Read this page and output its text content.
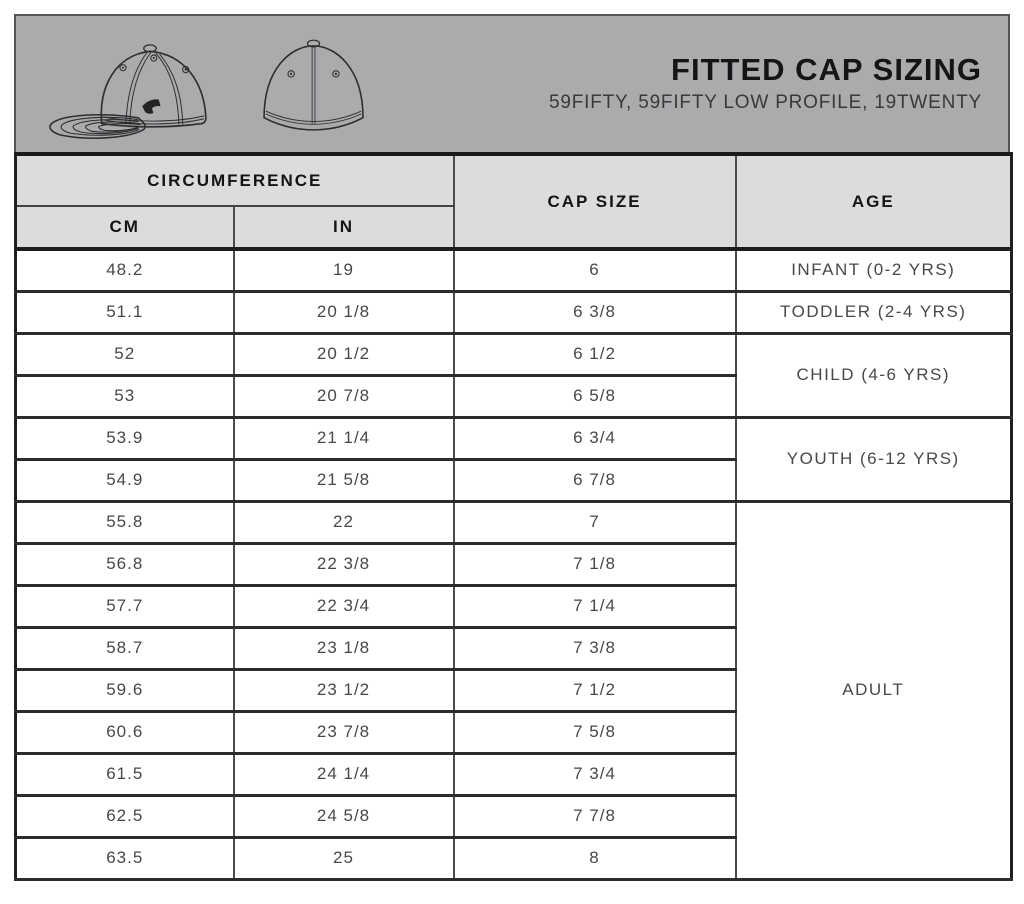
FITTED CAP SIZING
59FIFTY, 59FIFTY LOW PROFILE, 19TWENTY
CIRCUMFERENCE		CAP SIZE	AGE
CM	IN		
48.2	19	6	INFANT (0-2 YRS)
51.1	20 1/8	6 3/8	TODDLER (2-4 YRS)
52	20 1/2	6 1/2	CHILD (4-6 YRS)
53	20 7/8	6 5/8	
53.9	21 1/4	6 3/4	YOUTH (6-12 YRS)
54.9	21 5/8	6 7/8	
55.8	22	7	ADULT
56.8	22 3/8	7 1/8	
57.7	22 3/4	7 1/4	
58.7	23 1/8	7 3/8	
59.6	23 1/2	7 1/2	
60.6	23 7/8	7 5/8	
61.5	24 1/4	7 3/4	
62.5	24 5/8	7 7/8	
63.5	25	8	
